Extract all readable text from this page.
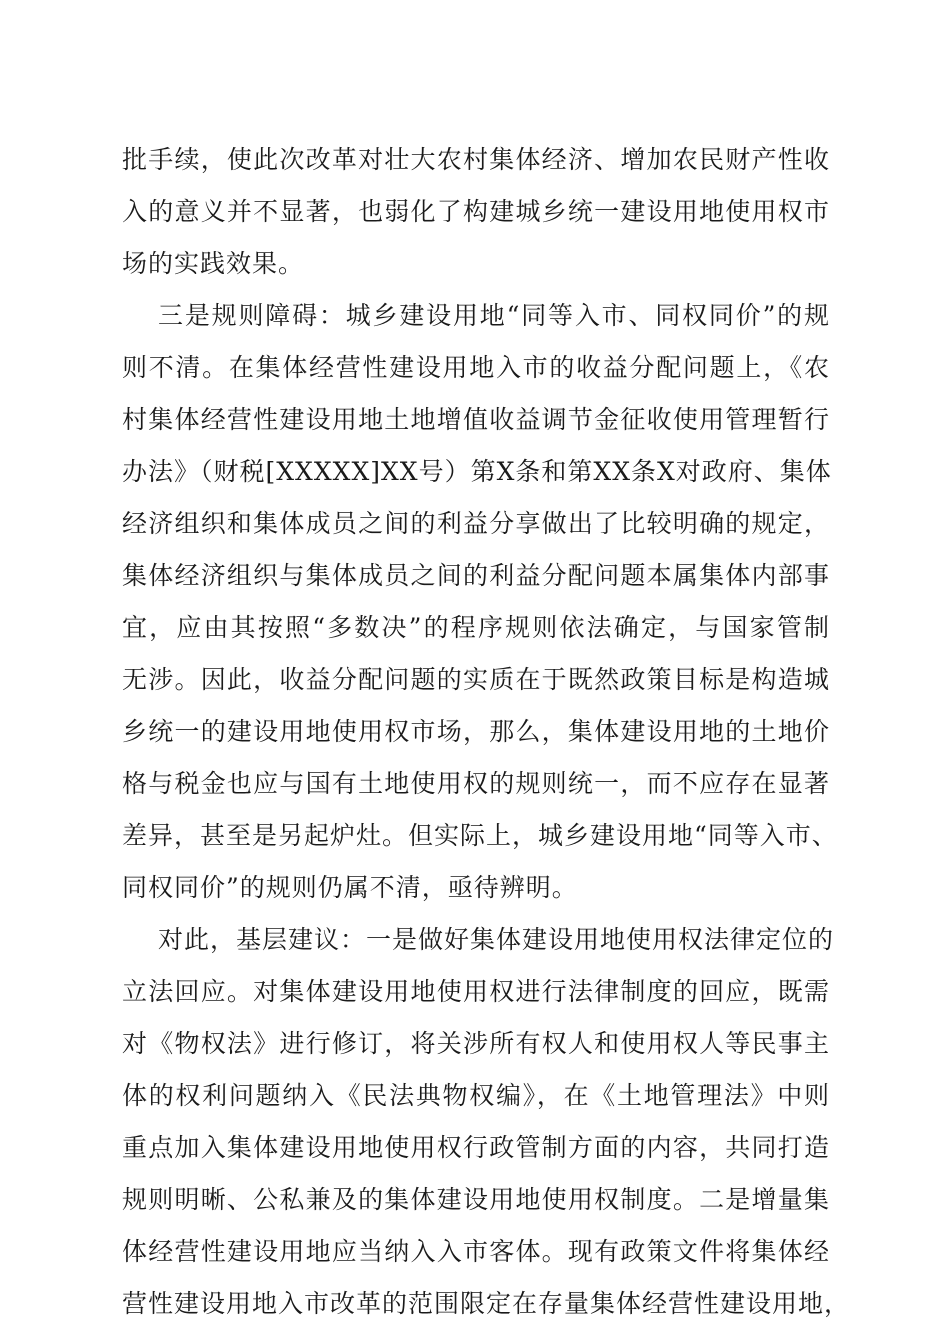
批手续，使此次改革对壮大农村集体经济、增加农民财产性收
入的意义并不显著，也弱化了构建城乡统一建设用地使用权市
场的实践效果。
三是规则障碍：城乡建设用地“同等入市、同权同价”的规
则不清。在集体经营性建设用地入市的收益分配问题上，《农
村集体经营性建设用地土地增值收益调节金征收使用管理暂行
办法》（财税[XXXXX]XX号）第X条和第XX条X对政府、集体
经济组织和集体成员之间的利益分享做出了比较明确的规定，
集体经济组织与集体成员之间的利益分配问题本属集体内部事
宜，应由其按照“多数决”的程序规则依法确定，与国家管制
无涉。因此，收益分配问题的实质在于既然政策目标是构造城
乡统一的建设用地使用权市场，那么，集体建设用地的土地价
格与税金也应与国有土地使用权的规则统一，而不应存在显著
差异，甚至是另起炉灶。但实际上，城乡建设用地“同等入市、
同权同价”的规则仍属不清，亟待辨明。
对此，基层建议：一是做好集体建设用地使用权法律定位的
立法回应。对集体建设用地使用权进行法律制度的回应，既需
对《物权法》进行修订，将关涉所有权人和使用权人等民事主
体的权利问题纳入《民法典物权编》，在《土地管理法》中则
重点加入集体建设用地使用权行政管制方面的内容，共同打造
规则明晰、公私兼及的集体建设用地使用权制度。二是增量集
体经营性建设用地应当纳入入市客体。现有政策文件将集体经
营性建设用地入市改革的范围限定在存量集体经营性建设用地，
